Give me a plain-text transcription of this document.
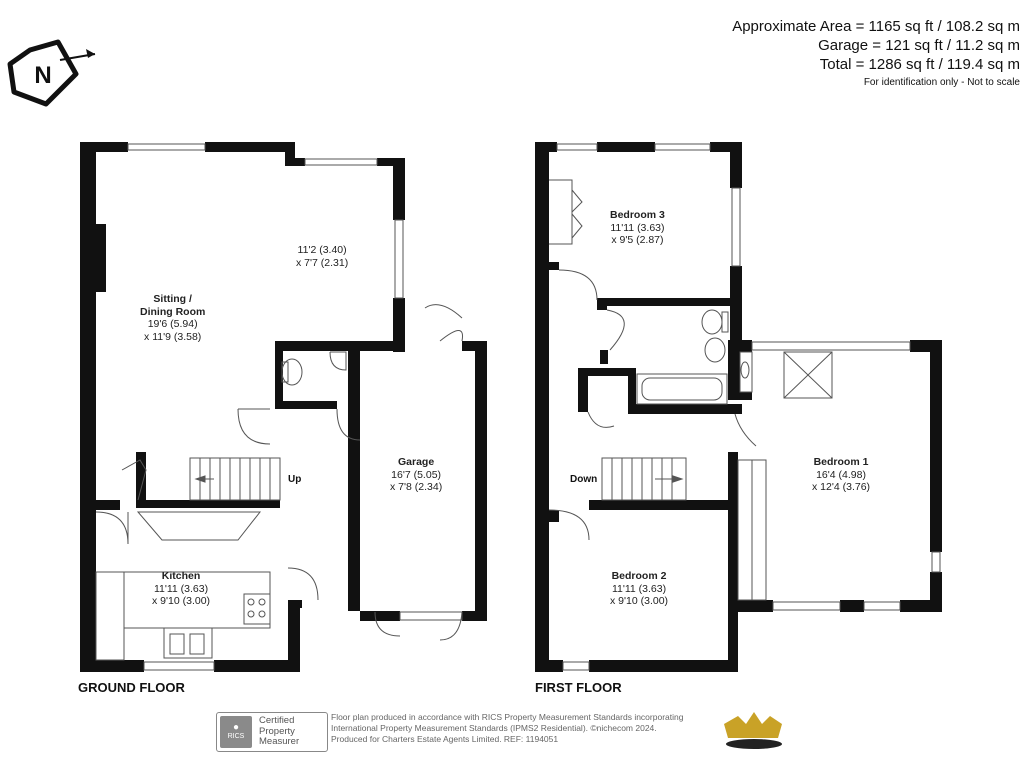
Approximate Area = 1165 sq ft / 108.2 sq m
Garage = 121 sq ft / 11.2 sq m
Total = 1286 sq ft / 119.4 sq m
For identification only - Not to scale
N
GROUND FLOOR	FIRST FLOOR
11'2 (3.40)
x 7'7 (2.31)
Sitting /
Dining Room
19'6 (5.94)
x 11'9 (3.58)
Garage
16'7 (5.05)
x 7'8 (2.34)
Kitchen
11'11 (3.63)
x 9'10 (3.00)
Up
Bedroom 3
11'11 (3.63)
x 9'5 (2.87)
Bedroom 1
16'4 (4.98)
x 12'4 (3.76)
Bedroom 2
11'11 (3.63)
x 9'10 (3.00)
Down
●
RICS
Certified
Property
Measurer
Floor plan produced in accordance with RICS Property Measurement Standards incorporating
International Property Measurement Standards (IPMS2 Residential). ©nichecom 2024.
Produced for Charters Estate Agents Limited. REF: 1194051
